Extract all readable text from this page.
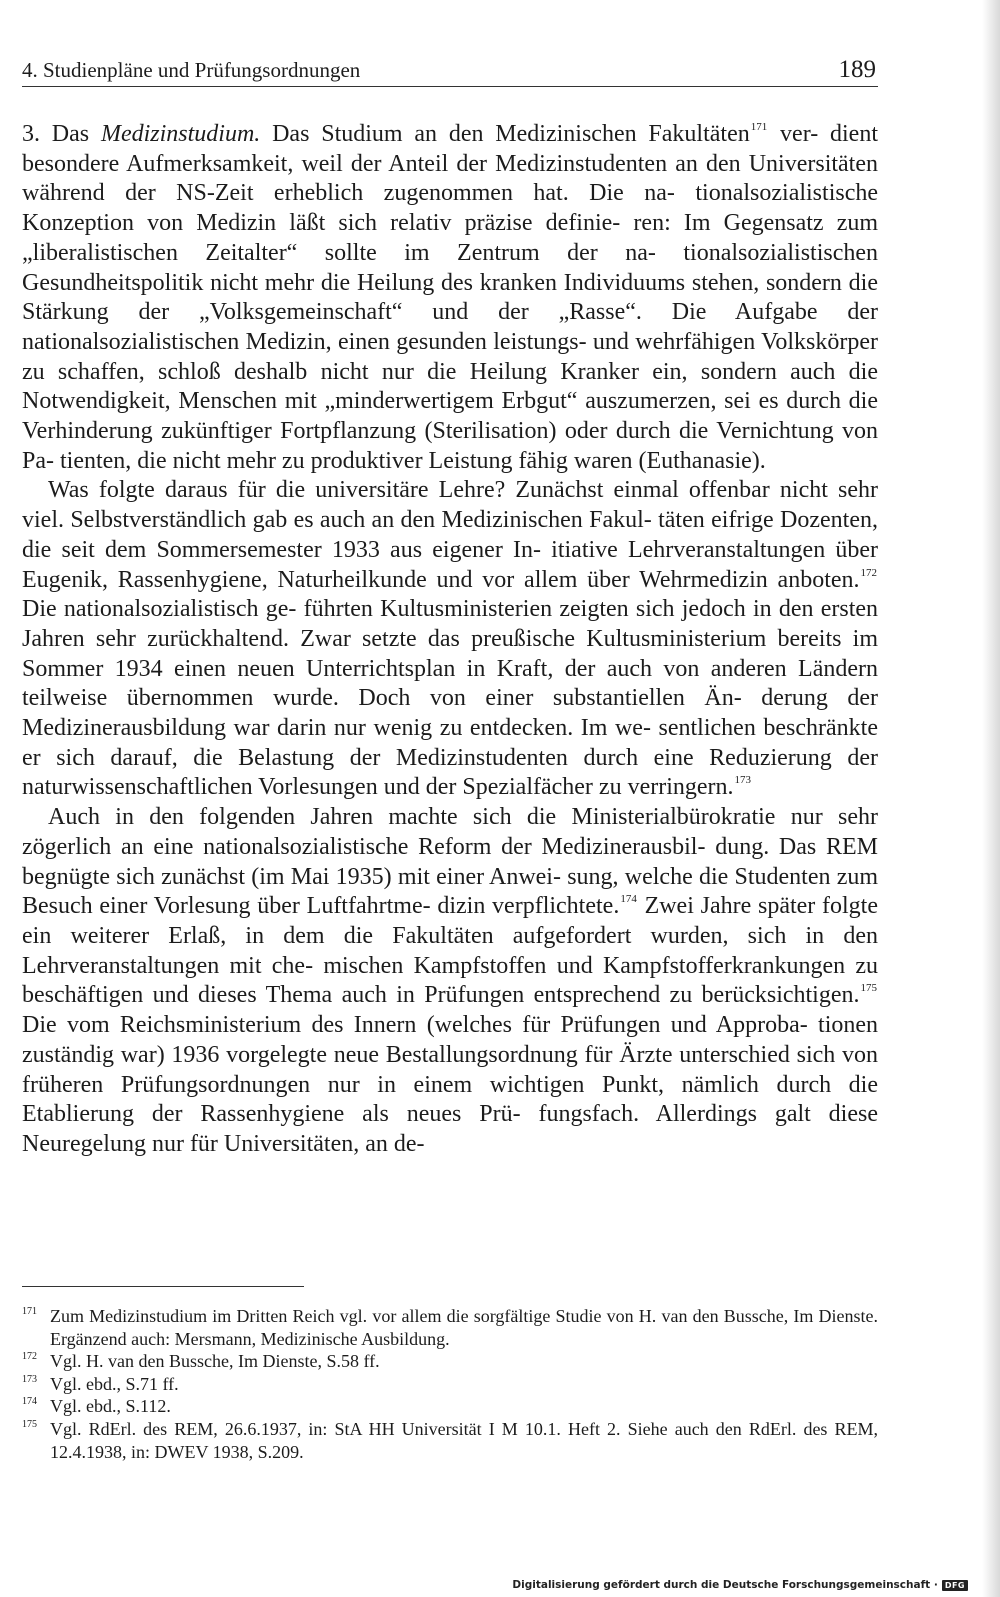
4. Studienpläne und Prüfungsordnungen	189

3. Das Medizinstudium. Das Studium an den Medizinischen Fakultäten$^{171}$ ver- dient besondere Aufmerksamkeit, weil der Anteil der Medizinstudenten an den Universitäten während der NS-Zeit erheblich zugenommen hat. Die na- tionalsozialistische Konzeption von Medizin läßt sich relativ präzise definie- ren: Im Gegensatz zum „liberalistischen Zeitalter“ sollte im Zentrum der na- tionalsozialistischen Gesundheitspolitik nicht mehr die Heilung des kranken Individuums stehen, sondern die Stärkung der „Volksgemeinschaft“ und der „Rasse“. Die Aufgabe der nationalsozialistischen Medizin, einen gesunden leistungs- und wehrfähigen Volkskörper zu schaffen, schloß deshalb nicht nur die Heilung Kranker ein, sondern auch die Notwendigkeit, Menschen mit „minderwertigem Erbgut“ auszumerzen, sei es durch die Verhinderung zukünftiger Fortpflanzung (Sterilisation) oder durch die Vernichtung von Pa- tienten, die nicht mehr zu produktiver Leistung fähig waren (Euthanasie).

Was folgte daraus für die universitäre Lehre? Zunächst einmal offenbar nicht sehr viel. Selbstverständlich gab es auch an den Medizinischen Fakul- täten eifrige Dozenten, die seit dem Sommersemester 1933 aus eigener In- itiative Lehrveranstaltungen über Eugenik, Rassenhygiene, Naturheilkunde und vor allem über Wehrmedizin anboten.$^{172}$ Die nationalsozialistisch ge- führten Kultusministerien zeigten sich jedoch in den ersten Jahren sehr zurückhaltend. Zwar setzte das preußische Kultusministerium bereits im Sommer 1934 einen neuen Unterrichtsplan in Kraft, der auch von anderen Ländern teilweise übernommen wurde. Doch von einer substantiellen Än- derung der Medizinerausbildung war darin nur wenig zu entdecken. Im we- sentlichen beschränkte er sich darauf, die Belastung der Medizinstudenten durch eine Reduzierung der naturwissenschaftlichen Vorlesungen und der Spezialfächer zu verringern.$^{173}$

Auch in den folgenden Jahren machte sich die Ministerialbürokratie nur sehr zögerlich an eine nationalsozialistische Reform der Medizinerausbil- dung. Das REM begnügte sich zunächst (im Mai 1935) mit einer Anwei- sung, welche die Studenten zum Besuch einer Vorlesung über Luftfahrtme- dizin verpflichtete.$^{174}$ Zwei Jahre später folgte ein weiterer Erlaß, in dem die Fakultäten aufgefordert wurden, sich in den Lehrveranstaltungen mit che- mischen Kampfstoffen und Kampfstofferkrankungen zu beschäftigen und dieses Thema auch in Prüfungen entsprechend zu berücksichtigen.$^{175}$ Die vom Reichsministerium des Innern (welches für Prüfungen und Approba- tionen zuständig war) 1936 vorgelegte neue Bestallungsordnung für Ärzte unterschied sich von früheren Prüfungsordnungen nur in einem wichtigen Punkt, nämlich durch die Etablierung der Rassenhygiene als neues Prü- fungsfach. Allerdings galt diese Neuregelung nur für Universitäten, an de-

171 Zum Medizinstudium im Dritten Reich vgl. vor allem die sorgfältige Studie von H. van den Bussche, Im Dienste. Ergänzend auch: Mersmann, Medizinische Ausbildung.
172 Vgl. H. van den Bussche, Im Dienste, S.58 ff.
173 Vgl. ebd., S.71 ff.
174 Vgl. ebd., S.112.
175 Vgl. RdErl. des REM, 26.6.1937, in: StA HH Universität I M 10.1. Heft 2. Siehe auch den RdErl. des REM, 12.4.1938, in: DWEV 1938, S.209.
Digitalisierung gefördert durch die Deutsche Forschungsgemeinschaft · DFG
